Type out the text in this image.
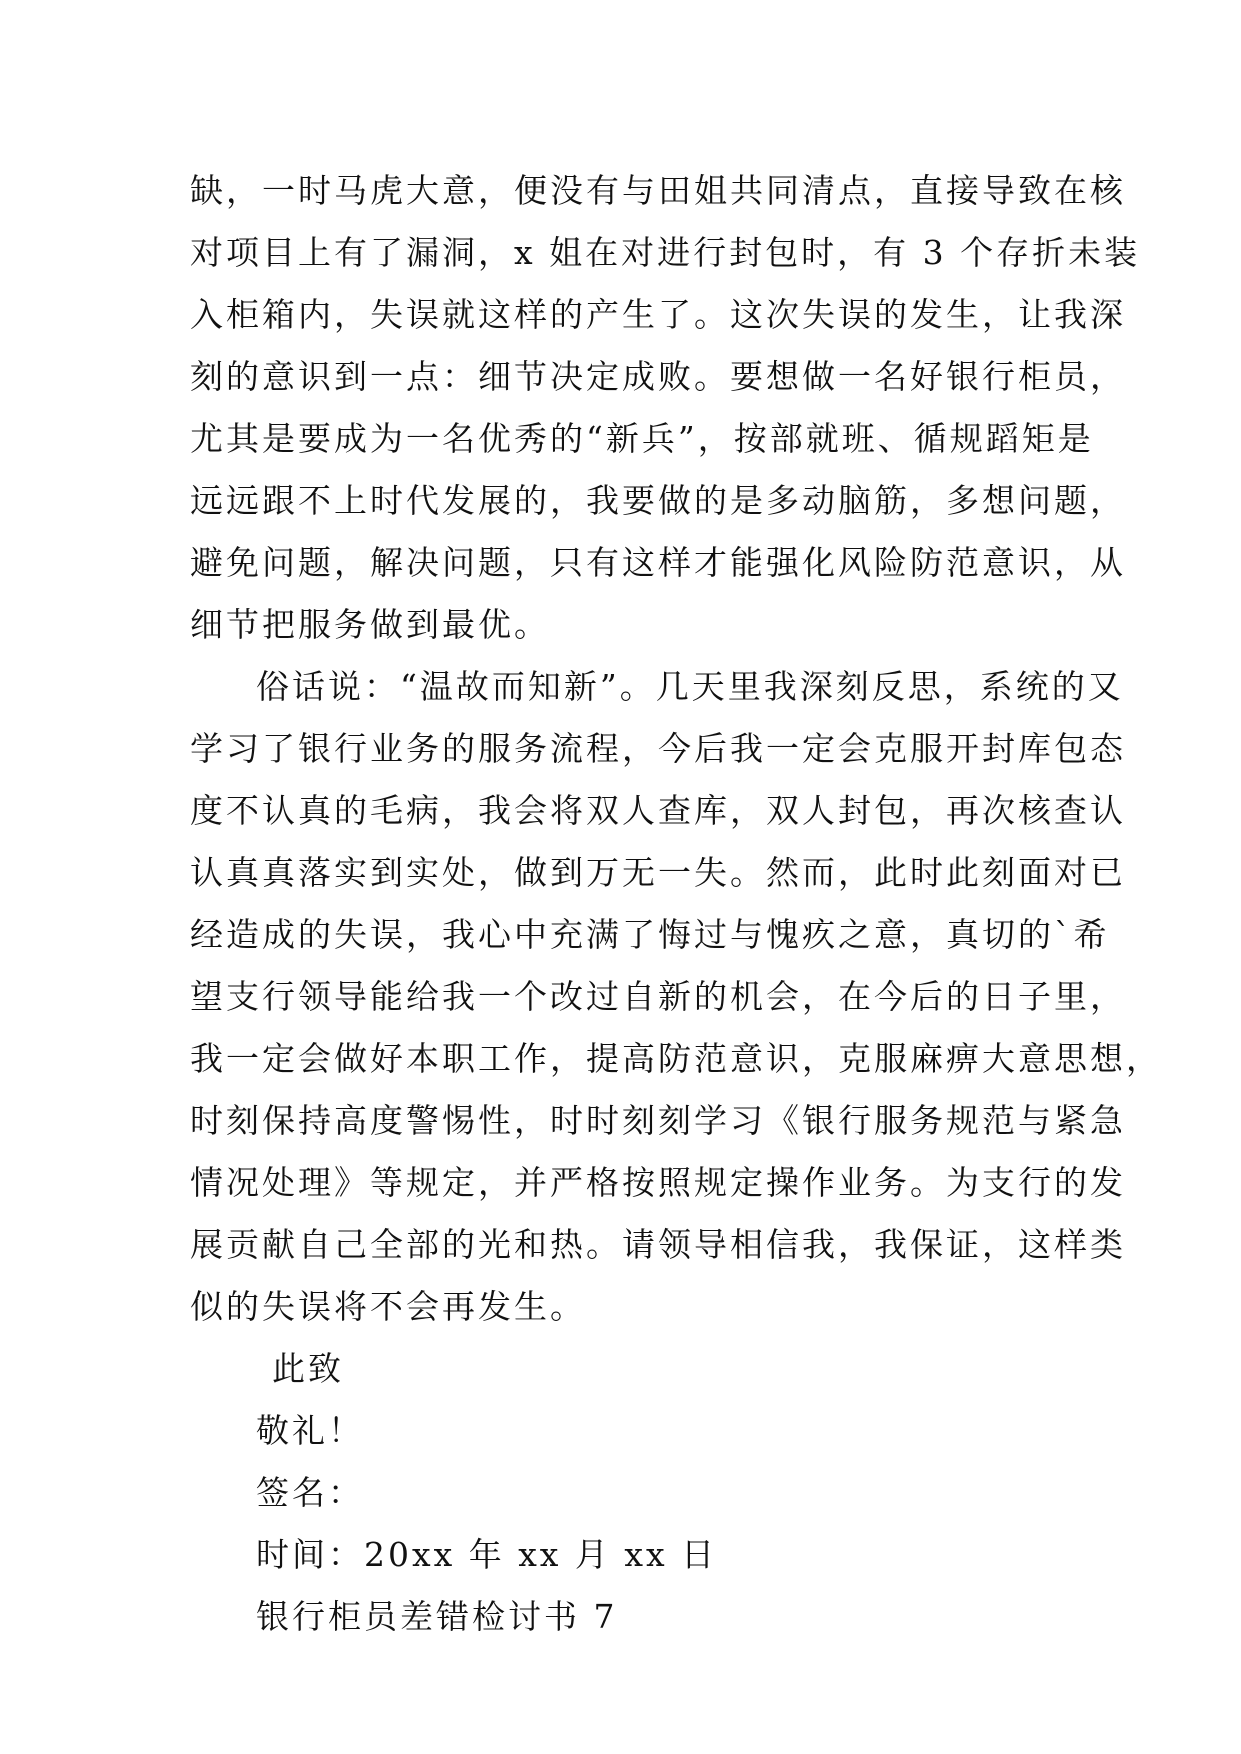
缺，一时马虎大意，便没有与田姐共同清点，直接导致在核
对项目上有了漏洞，x 姐在对进行封包时，有 3 个存折未装
入柜箱内，失误就这样的产生了。这次失误的发生，让我深
刻的意识到一点：细节决定成败。要想做一名好银行柜员，
尤其是要成为一名优秀的“新兵”，按部就班、循规蹈矩是
远远跟不上时代发展的，我要做的是多动脑筋，多想问题，
避免问题，解决问题，只有这样才能强化风险防范意识，从
细节把服务做到最优。
俗话说：“温故而知新”。几天里我深刻反思，系统的又
学习了银行业务的服务流程，今后我一定会克服开封库包态
度不认真的毛病，我会将双人查库，双人封包，再次核查认
认真真落实到实处，做到万无一失。然而，此时此刻面对已
经造成的失误，我心中充满了悔过与愧疚之意，真切的`希
望支行领导能给我一个改过自新的机会，在今后的日子里，
我一定会做好本职工作，提高防范意识，克服麻痹大意思想，
时刻保持高度警惕性，时时刻刻学习《银行服务规范与紧急
情况处理》等规定，并严格按照规定操作业务。为支行的发
展贡献自己全部的光和热。请领导相信我，我保证，这样类
似的失误将不会再发生。
此致
敬礼！
签名：
时间：20xx 年 xx 月 xx 日
银行柜员差错检讨书 7
